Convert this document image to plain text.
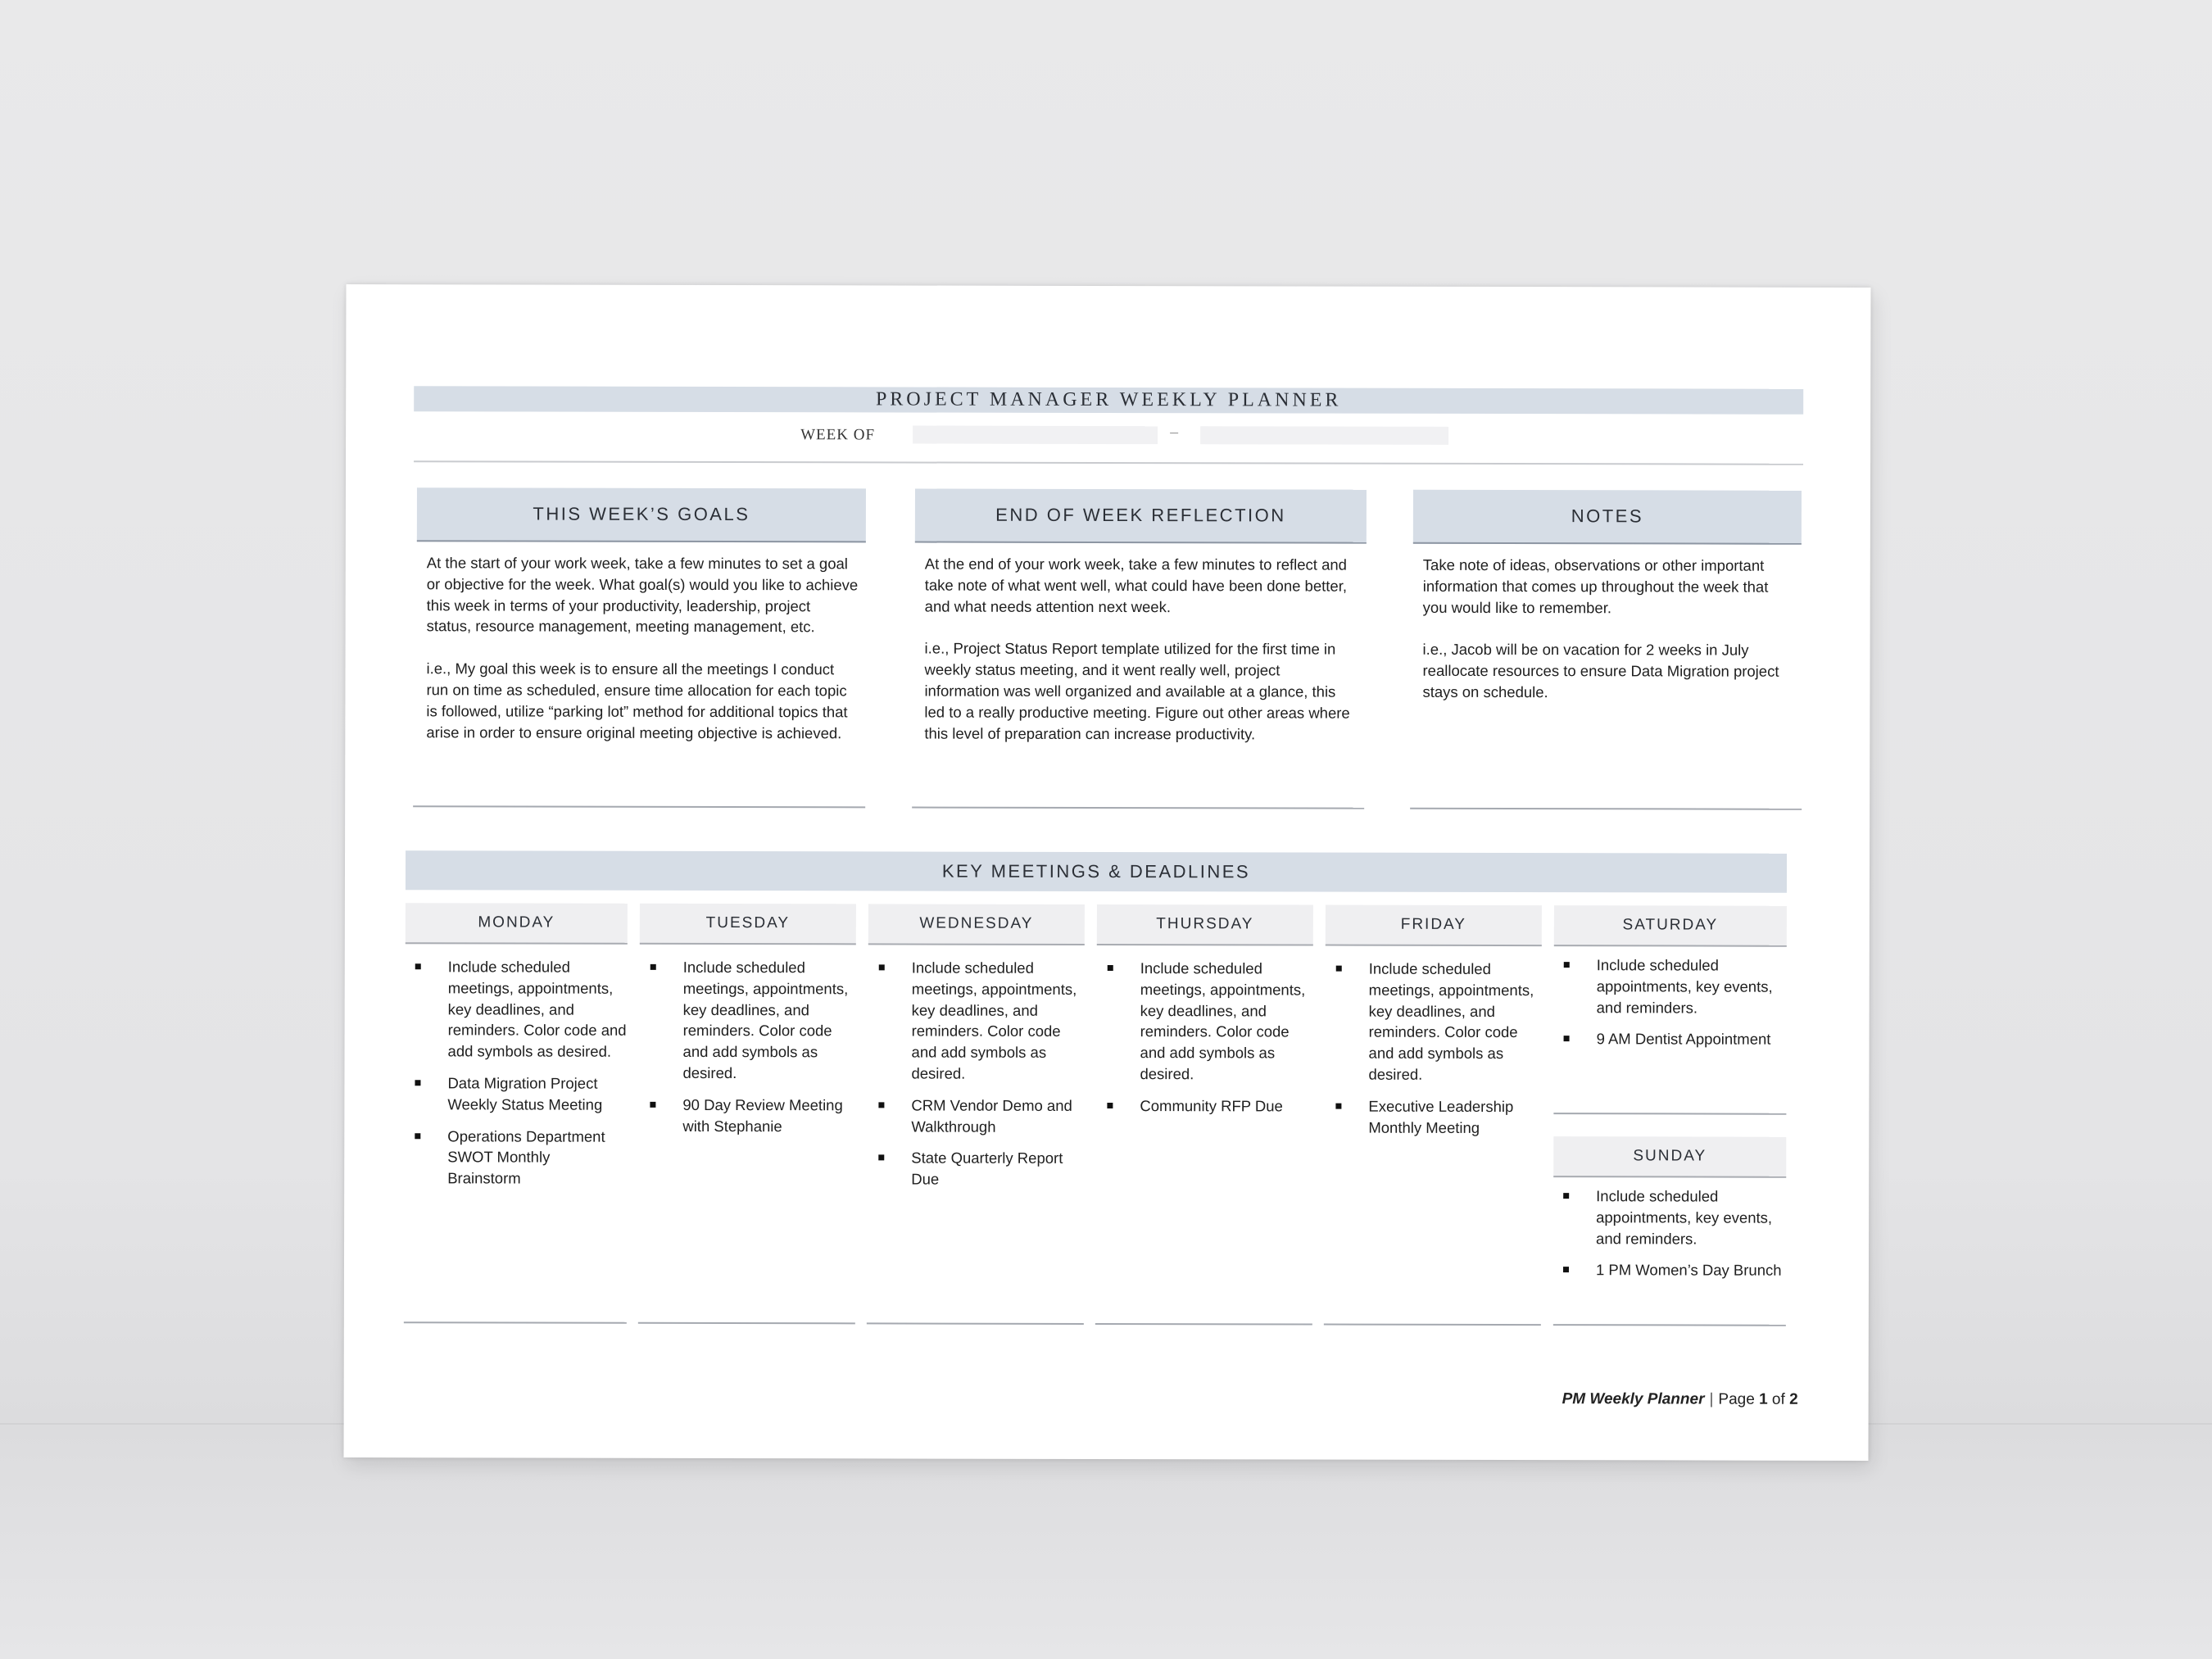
PROJECT MANAGER WEEKLY PLANNER
WEEK OF	–
THIS WEEK’S GOALS

At the start of your work week, take a few minutes to set a goal or objective for the week. What goal(s) would you like to achieve this week in terms of your productivity, leadership, project status, resource management, meeting management, etc.

i.e., My goal this week is to ensure all the meetings I conduct run on time as scheduled, ensure time allocation for each topic is followed, utilize “parking lot” method for additional topics that arise in order to ensure original meeting objective is achieved.

END OF WEEK REFLECTION

At the end of your work week, take a few minutes to reflect and take note of what went well, what could have been done better, and what needs attention next week.

i.e., Project Status Report template utilized for the first time in weekly status meeting, and it went really well, project information was well organized and available at a glance, this led to a really productive meeting. Figure out other areas where this level of preparation can increase productivity.

NOTES

Take note of ideas, observations or other important information that comes up throughout the week that you would like to remember.

i.e., Jacob will be on vacation for 2 weeks in July reallocate resources to ensure Data Migration project stays on schedule.

KEY MEETINGS & DEADLINES
MONDAY
Include scheduled meetings, appointments, key deadlines, and reminders. Color code and add symbols as desired.
Data Migration Project Weekly Status Meeting
Operations Department SWOT Monthly Brainstorm
TUESDAY
Include scheduled meetings, appointments, key deadlines, and reminders. Color code and add symbols as desired.
90 Day Review Meeting with Stephanie
WEDNESDAY
Include scheduled meetings, appointments, key deadlines, and reminders. Color code and add symbols as desired.
CRM Vendor Demo and Walkthrough
State Quarterly Report Due
THURSDAY
Include scheduled meetings, appointments, key deadlines, and reminders. Color code and add symbols as desired.
Community RFP Due
FRIDAY
Include scheduled meetings, appointments, key deadlines, and reminders. Color code and add symbols as desired.
Executive Leadership Monthly Meeting
SATURDAY
Include scheduled appointments, key events, and reminders.
9 AM Dentist Appointment
SUNDAY
Include scheduled appointments, key events, and reminders.
1 PM Women’s Day Brunch
PM Weekly Planner | Page 1 of 2
